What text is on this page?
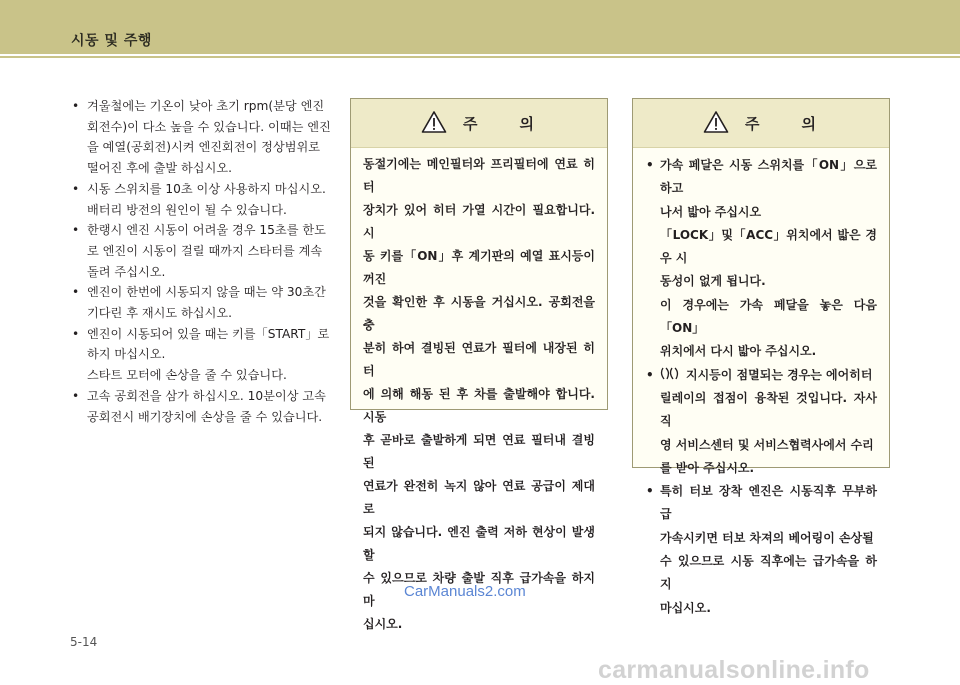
시동 및 주행

• 겨울철에는 기온이 낮아 초기 rpm(분당 엔진

회전수)이 다소 높을 수 있습니다. 이때는 엔진

을 예열(공회전)시켜 엔진회전이 정상범위로

떨어진 후에 출발 하십시오.

• 시동 스위치를 10초 이상 사용하지 마십시오.

배터리 방전의 원인이 될 수 있습니다.

• 한랭시 엔진 시동이 어려울 경우 15초를 한도

로 엔진이 시동이 걸릴 때까지 스타터를 계속

돌려 주십시오.

• 엔진이 한번에 시동되지 않을 때는 약 30초간

기다린 후 재시도 하십시오.

• 엔진이 시동되어 있을 때는 키를「START」로

하지 마십시오.

스타트 모터에 손상을 줄 수 있습니다.

• 고속 공회전을 삼가 하십시오. 10분이상 고속

공회전시 배기장치에 손상을 줄 수 있습니다.

주의
동절기에는 메인필터와 프리필터에 연료 히터
장치가 있어 히터 가열 시간이 필요합니다. 시
동 키를「ON」후 계기판의 예열 표시등이 꺼진
것을 확인한 후 시동을 거십시오. 공회전을 충
분히 하여 결빙된 연료가 필터에 내장된 히터
에 의해 해동 된 후 차를 출발해야 합니다. 시동
후 곧바로 출발하게 되면 연료 필터내 결빙된
연료가 완전히 녹지 않아 연료 공급이 제대로
되지 않습니다. 엔진 출력 저하 현상이 발생할
수 있으므로 차량 출발 직후 급가속을 하지 마
십시오.
주의

• 가속 페달은 시동 스위치를「ON」으로 하고

나서 밟아 주십시오

「LOCK」및「ACC」위치에서 밟은 경우 시

동성이 없게 됩니다.

이 경우에는 가속 페달을 놓은 다음「ON」

위치에서 다시 밟아 주십시오.

• 지시등이 점멸되는 경우는 에어히터

릴레이의 접점이 융착된 것입니다. 자사 직

영 서비스센터 및 서비스협력사에서 수리

를 받아 주십시오.

• 특히 터보 장착 엔진은 시동직후 무부하 급

가속시키면 터보 차져의 베어링이 손상될

수 있으므로 시동 직후에는 급가속을 하지

마십시오.

CarManuals2.com
5-14
carmanualsonline.info
